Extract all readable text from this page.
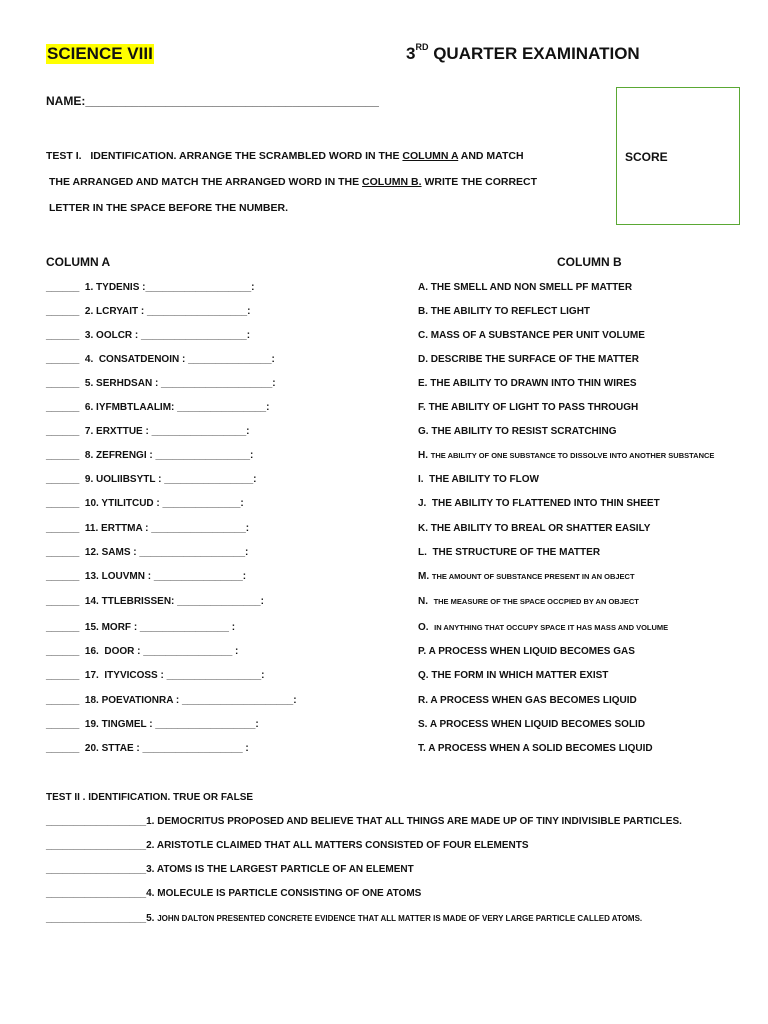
SCIENCE VIII	3RD QUARTER EXAMINATION
NAME:____________________________________________
SCORE
TEST I.   IDENTIFICATION. ARRANGE THE SCRAMBLED WORD IN THE COLUMN A AND MATCH
THE ARRANGED AND MATCH THE ARRANGED WORD IN THE COLUMN B. WRITE THE CORRECT
LETTER IN THE SPACE BEFORE THE NUMBER.
COLUMN A	COLUMN B
______  1. TYDENIS :___________________:
______  2. LCRYAIT : __________________:
______  3. OOLCR : ___________________:
______  4.  CONSATDENOIN : _______________:
______  5. SERHDSAN : ____________________:
______  6. IYFMBTLAALIM: ________________:
______  7. ERXTTUE : _________________:
______  8. ZEFRENGI : _________________:
______  9. UOLIIBSYTL : ________________:
______  10. YTILITCUD : ______________:
______  11. ERTTMA : _________________:
______  12. SAMS : ___________________:
______  13. LOUVMN : ________________:
______  14. TTLEBRISSEN: _______________:
______  15. MORF : ________________ :
______  16.  DOOR : ________________ :
______  17.  ITYVICOSS : _________________:
______  18. POEVATIONRA : ____________________:
______  19. TINGMEL : __________________:
______  20. STTAE : __________________ :
A. THE SMELL AND NON SMELL PF MATTER
B. THE ABILITY TO REFLECT LIGHT
C. MASS OF A SUBSTANCE PER UNIT VOLUME
D. DESCRIBE THE SURFACE OF THE MATTER
E. THE ABILITY TO DRAWN INTO THIN WIRES
F. THE ABILITY OF LIGHT TO PASS THROUGH
G. THE ABILITY TO RESIST SCRATCHING
H. THE ABILITY OF ONE SUBSTANCE TO DISSOLVE INTO ANOTHER SUBSTANCE
I.  THE ABILITY TO FLOW
J.  THE ABILITY TO FLATTENED INTO THIN SHEET
K. THE ABILITY TO BREAL OR SHATTER EASILY
L.  THE STRUCTURE OF THE MATTER
M. THE AMOUNT OF SUBSTANCE PRESENT IN AN OBJECT
N.  THE MEASURE OF THE SPACE OCCPIED BY AN OBJECT
O.  IN ANYTHING THAT OCCUPY SPACE IT HAS MASS AND VOLUME
P. A PROCESS WHEN LIQUID BECOMES GAS
Q. THE FORM IN WHICH MATTER EXIST
R. A PROCESS WHEN GAS BECOMES LIQUID
S. A PROCESS WHEN LIQUID BECOMES SOLID
T. A PROCESS WHEN A SOLID BECOMES LIQUID
TEST II . IDENTIFICATION. TRUE OR FALSE
__________________1. DEMOCRITUS PROPOSED AND BELIEVE THAT ALL THINGS ARE MADE UP OF TINY INDIVISIBLE PARTICLES.
__________________2. ARISTOTLE CLAIMED THAT ALL MATTERS CONSISTED OF FOUR ELEMENTS
__________________3. ATOMS IS THE LARGEST PARTICLE OF AN ELEMENT
__________________4. MOLECULE IS PARTICLE CONSISTING OF ONE ATOMS
__________________5. JOHN DALTON PRESENTED CONCRETE EVIDENCE THAT ALL MATTER IS MADE OF VERY LARGE PARTICLE CALLED ATOMS.
